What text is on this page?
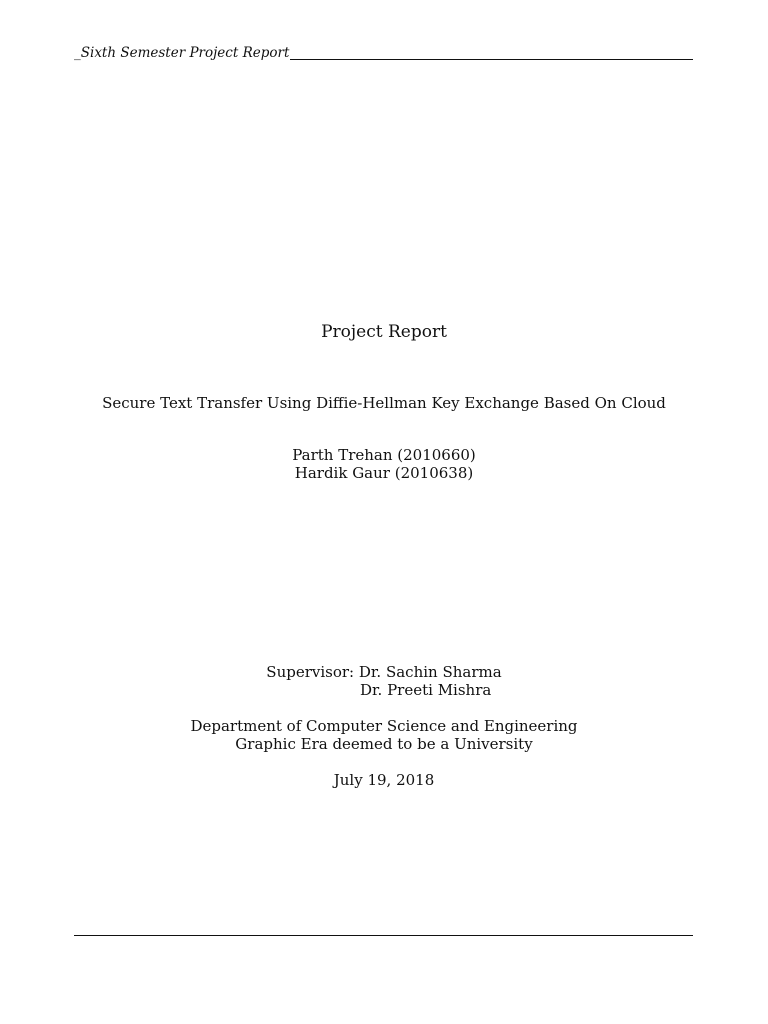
_ Sixth Semester Project Report
Project Report
Secure Text Transfer Using Diffie-Hellman Key Exchange Based On Cloud
Parth Trehan (2010660)
Hardik Gaur (2010638)
Supervisor: Dr. Sachin Sharma
Dr. Preeti Mishra
Department of Computer Science and Engineering
Graphic Era deemed to be a University
July 19, 2018
